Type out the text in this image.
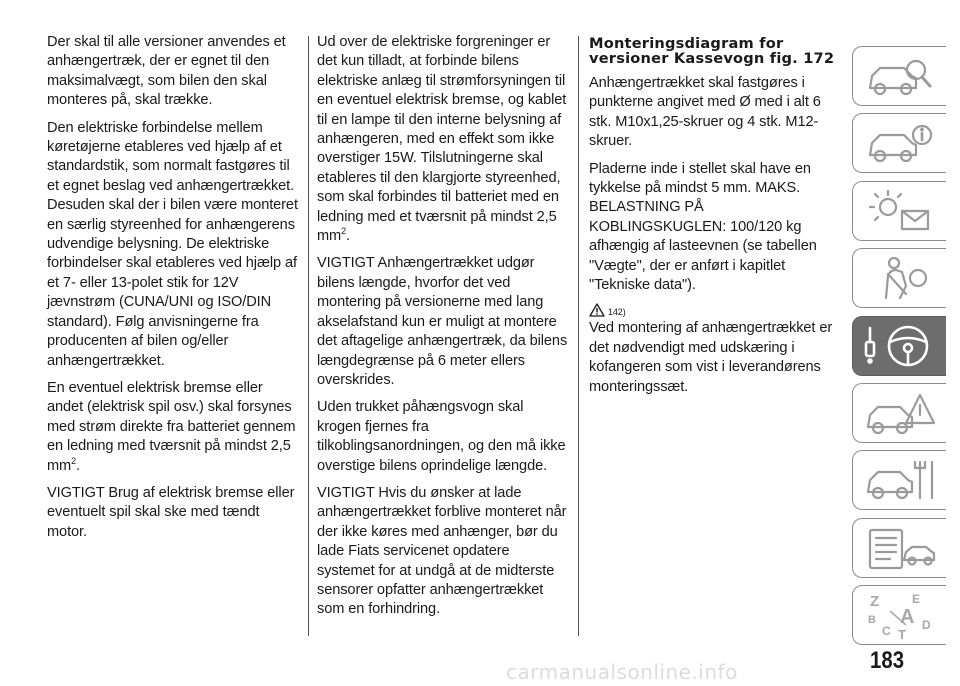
Der skal til alle versioner anvendes et anhængertræk, der er egnet til den maksimalvægt, som bilen den skal monteres på, skal trække.

Den elektriske forbindelse mellem køretøjerne etableres ved hjælp af et standardstik, som normalt fastgøres til et egnet beslag ved anhængertrækket. Desuden skal der i bilen være monteret en særlig styreenhed for anhængerens udvendige belysning. De elektriske forbindelser skal etableres ved hjælp af et 7- eller 13-polet stik for 12V jævnstrøm (CUNA/UNI og ISO/DIN standard). Følg anvisningerne fra producenten af bilen og/eller anhængertrækket.

En eventuel elektrisk bremse eller andet (elektrisk spil osv.) skal forsynes med strøm direkte fra batteriet gennem en ledning med tværsnit på mindst 2,5 $mm^2$.

VIGTIGT Brug af elektrisk bremse eller eventuelt spil skal ske med tændt motor.

Ud over de elektriske forgreninger er det kun tilladt, at forbinde bilens elektriske anlæg til strømforsyningen til en eventuel elektrisk bremse, og kablet til en lampe til den interne belysning af anhængeren, med en effekt som ikke overstiger 15W. Tilslutningerne skal etableres til den klargjorte styreenhed, som skal forbindes til batteriet med en ledning med et tværsnit på mindst 2,5 $mm^2$.

VIGTIGT Anhængertrækket udgør bilens længde, hvorfor det ved montering på versionerne med lang akselafstand kun er muligt at montere det aftagelige anhængertræk, da bilens længdegrænse på 6 meter ellers overskrides.

Uden trukket påhængsvogn skal krogen fjernes fra tilkoblingsanordningen, og den må ikke overstige bilens oprindelige længde.

VIGTIGT Hvis du ønsker at lade anhængertrækket forblive monteret når der ikke køres med anhænger, bør du lade Fiats servicenet opdatere systemet for at undgå at de midterste sensorer opfatter anhængertrækket som en forhindring.

Monteringsdiagram for versioner Kassevogn fig. 172

Anhængertrækket skal fastgøres i punkterne angivet med Ø med i alt 6 stk. M10x1,25-skruer og 4 stk. M12-skruer.

Pladerne inde i stellet skal have en tykkelse på mindst 5 mm. MAKS. BELASTNING PÅ KOBLINGSKUGLEN: 100/120 kg afhængig af lasteevnen (se tabellen "Vægte", der er anført i kapitlet "Tekniske data").

142)

Ved montering af anhængertrækket er det nødvendigt med udskæring i kofangeren som vist i leverandørens monteringssæt.

Z	E
B A D
C T
183
carmanualsonline.info
